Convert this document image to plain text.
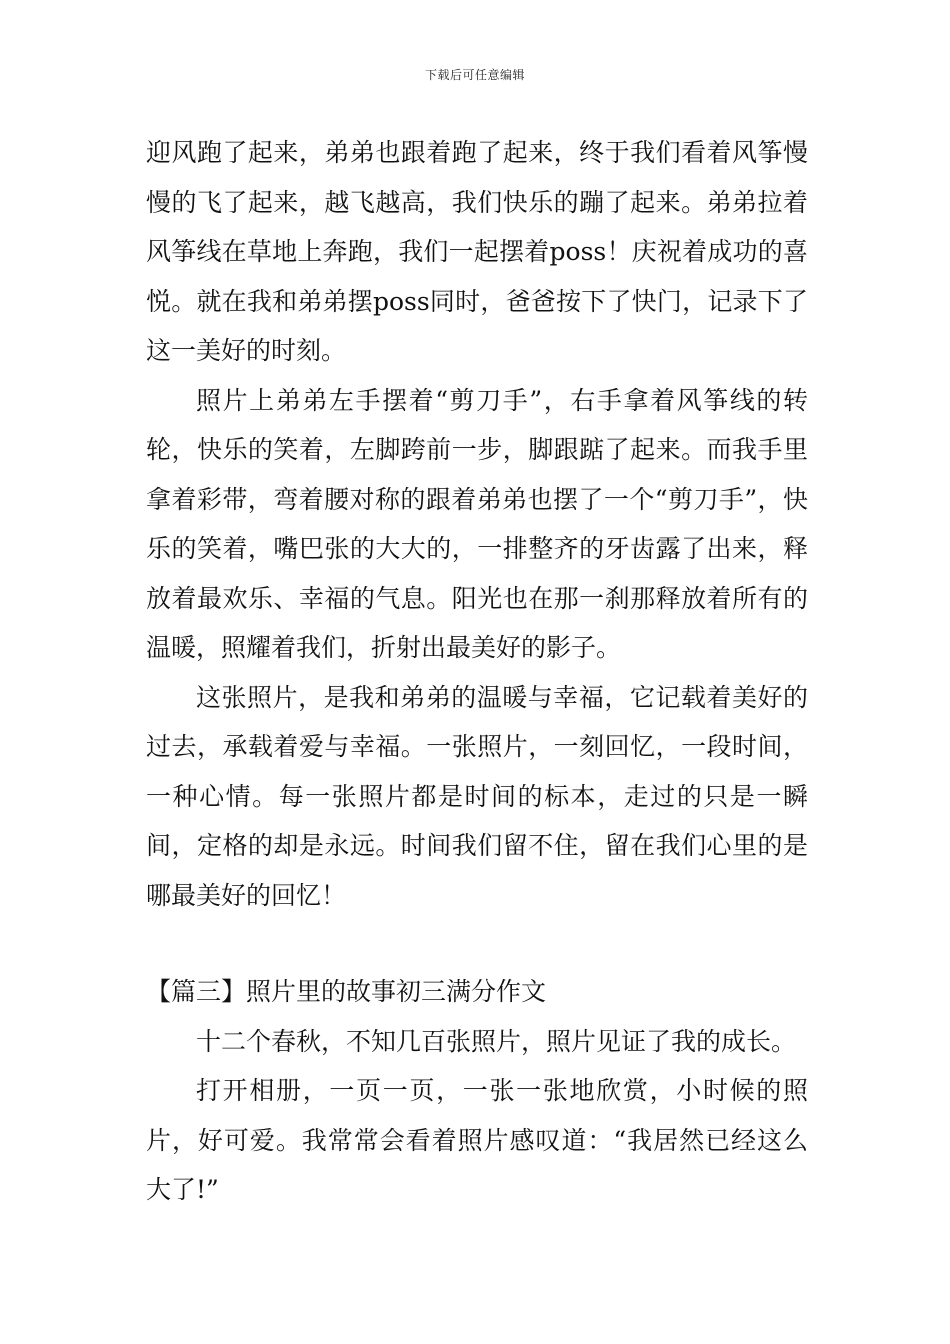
下载后可任意编辑

迎风跑了起来，弟弟也跟着跑了起来，终于我们看着风筝慢慢的飞了起来，越飞越高，我们快乐的蹦了起来。弟弟拉着风筝线在草地上奔跑，我们一起摆着poss！庆祝着成功的喜悦。就在我和弟弟摆poss同时，爸爸按下了快门，记录下了这一美好的时刻。

照片上弟弟左手摆着“剪刀手”，右手拿着风筝线的转轮，快乐的笑着，左脚跨前一步，脚跟踮了起来。而我手里拿着彩带，弯着腰对称的跟着弟弟也摆了一个“剪刀手”，快乐的笑着，嘴巴张的大大的，一排整齐的牙齿露了出来，释放着最欢乐、幸福的气息。阳光也在那一刹那释放着所有的温暖，照耀着我们，折射出最美好的影子。

这张照片，是我和弟弟的温暖与幸福，它记载着美好的过去，承载着爱与幸福。一张照片，一刻回忆，一段时间，一种心情。每一张照片都是时间的标本，走过的只是一瞬间，定格的却是永远。时间我们留不住，留在我们心里的是哪最美好的回忆！

【篇三】照片里的故事初三满分作文

十二个春秋，不知几百张照片，照片见证了我的成长。

打开相册，一页一页，一张一张地欣赏，小时候的照片，好可爱。我常常会看着照片感叹道：“我居然已经这么大了!”
